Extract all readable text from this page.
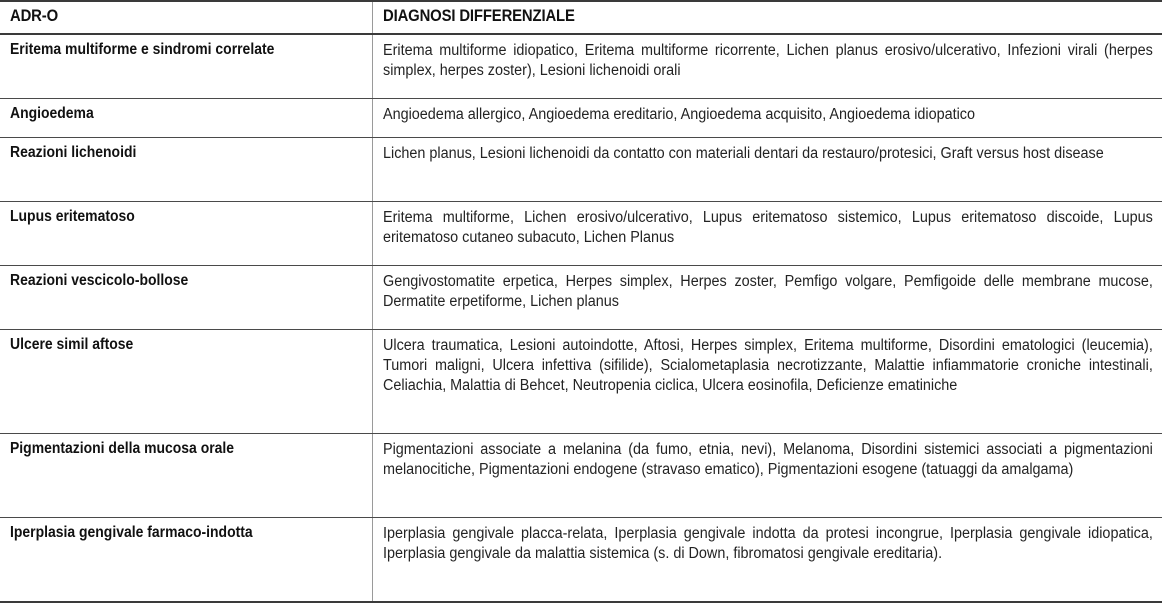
ADR-O	DIAGNOSI DIFFERENZIALE

Eritema multiforme e sindromi correlate	Eritema multiforme idiopatico, Eritema multiforme ricorrente, Lichen planus erosivo/ulcerativo, Infezioni virali (herpes simplex, herpes zoster), Lesioni lichenoidi orali

Angioedema	Angioedema allergico, Angioedema ereditario, Angioedema acquisito, Angioedema idiopatico

Reazioni lichenoidi	Lichen planus, Lesioni lichenoidi da contatto con materiali dentari da restauro/protesici, Graft versus host disease

Lupus eritematoso	Eritema multiforme, Lichen erosivo/ulcerativo, Lupus eritematoso sistemico, Lupus eritematoso discoide, Lupus eritematoso cutaneo subacuto, Lichen Planus

Reazioni vescicolo-bollose	Gengivostomatite erpetica, Herpes simplex, Herpes zoster, Pemfigo volgare, Pemfigoide delle membrane mucose, Dermatite erpetiforme, Lichen planus

Ulcere simil aftose	Ulcera traumatica, Lesioni autoindotte, Aftosi, Herpes simplex, Eritema multiforme, Disordini ematologici (leucemia), Tumori maligni, Ulcera infettiva (sifilide), Scialometaplasia necrotizzante, Malattie infiammatorie croniche intestinali, Celiachia, Malattia di Behcet, Neutropenia ciclica, Ulcera eosinofila, Deficienze ematiniche

Pigmentazioni della mucosa orale	Pigmentazioni associate a melanina (da fumo, etnia, nevi), Melanoma, Disordini sistemici associati a pigmentazioni melanocitiche, Pigmentazioni endogene (stravaso ematico), Pigmentazioni esogene (tatuaggi da amalgama)

Iperplasia gengivale farmaco-indotta	Iperplasia gengivale placca-relata, Iperplasia gengivale indotta da protesi incongrue, Iperplasia gengivale idiopatica, Iperplasia gengivale da malattia sistemica (s. di Down, fibromatosi gengivale ereditaria).
